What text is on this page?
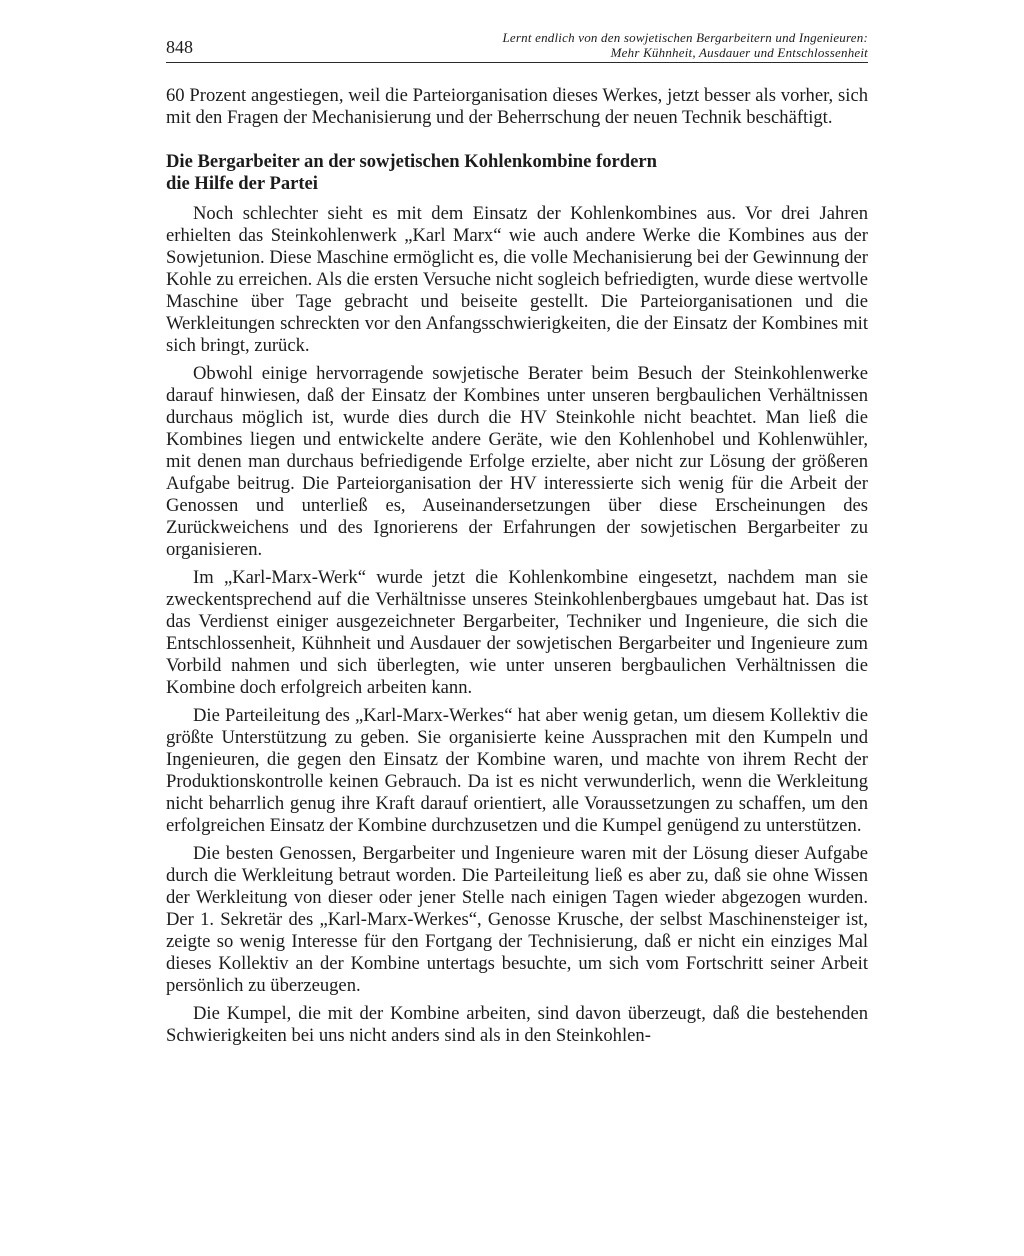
848	Lernt endlich von den sowjetischen Bergarbeitern und Ingenieuren:
Mehr Kühnheit, Ausdauer und Entschlossenheit

60 Prozent angestiegen, weil die Parteiorganisation dieses Werkes, jetzt besser als vorher, sich mit den Fragen der Mechanisierung und der Beherrschung der neuen Technik beschäftigt.

Die Bergarbeiter an der sowjetischen Kohlenkombine fordern
die Hilfe der Partei

Noch schlechter sieht es mit dem Einsatz der Kohlenkombines aus. Vor drei Jahren erhielten das Steinkohlenwerk „Karl Marx“ wie auch andere Werke die Kombines aus der Sowjetunion. Diese Maschine ermöglicht es, die volle Mechanisierung bei der Gewinnung der Kohle zu erreichen. Als die ersten Versuche nicht sogleich befriedigten, wurde diese wertvolle Maschine über Tage gebracht und beiseite gestellt. Die Parteiorganisationen und die Werkleitungen schreckten vor den Anfangsschwierigkeiten, die der Einsatz der Kombines mit sich bringt, zurück.

Obwohl einige hervorragende sowjetische Berater beim Besuch der Steinkohlenwerke darauf hinwiesen, daß der Einsatz der Kombines unter unseren bergbaulichen Verhältnissen durchaus möglich ist, wurde dies durch die HV Steinkohle nicht beachtet. Man ließ die Kombines liegen und entwickelte andere Geräte, wie den Kohlenhobel und Kohlenwühler, mit denen man durchaus befriedigende Erfolge erzielte, aber nicht zur Lösung der größeren Aufgabe beitrug. Die Parteiorganisation der HV interessierte sich wenig für die Arbeit der Genossen und unterließ es, Auseinandersetzungen über diese Erscheinungen des Zurückweichens und des Ignorierens der Erfahrungen der sowjetischen Bergarbeiter zu organisieren.

Im „Karl-Marx-Werk“ wurde jetzt die Kohlenkombine eingesetzt, nachdem man sie zweckentsprechend auf die Verhältnisse unseres Steinkohlenbergbaues umgebaut hat. Das ist das Verdienst einiger ausgezeichneter Bergarbeiter, Techniker und Ingenieure, die sich die Entschlossenheit, Kühnheit und Ausdauer der sowjetischen Bergarbeiter und Ingenieure zum Vorbild nahmen und sich überlegten, wie unter unseren bergbaulichen Verhältnissen die Kombine doch erfolgreich arbeiten kann.

Die Parteileitung des „Karl-Marx-Werkes“ hat aber wenig getan, um diesem Kollektiv die größte Unterstützung zu geben. Sie organisierte keine Aussprachen mit den Kumpeln und Ingenieuren, die gegen den Einsatz der Kombine waren, und machte von ihrem Recht der Produktionskontrolle keinen Gebrauch. Da ist es nicht verwunderlich, wenn die Werkleitung nicht beharrlich genug ihre Kraft darauf orientiert, alle Voraussetzungen zu schaffen, um den erfolgreichen Einsatz der Kombine durchzusetzen und die Kumpel genügend zu unterstützen.

Die besten Genossen, Bergarbeiter und Ingenieure waren mit der Lösung dieser Aufgabe durch die Werkleitung betraut worden. Die Parteileitung ließ es aber zu, daß sie ohne Wissen der Werkleitung von dieser oder jener Stelle nach einigen Tagen wieder abgezogen wurden. Der 1. Sekretär des „Karl-Marx-Werkes“, Genosse Krusche, der selbst Maschinensteiger ist, zeigte so wenig Interesse für den Fortgang der Technisierung, daß er nicht ein einziges Mal dieses Kollektiv an der Kombine untertags besuchte, um sich vom Fortschritt seiner Arbeit persönlich zu überzeugen.

Die Kumpel, die mit der Kombine arbeiten, sind davon überzeugt, daß die bestehenden Schwierigkeiten bei uns nicht anders sind als in den Steinkohlen-
